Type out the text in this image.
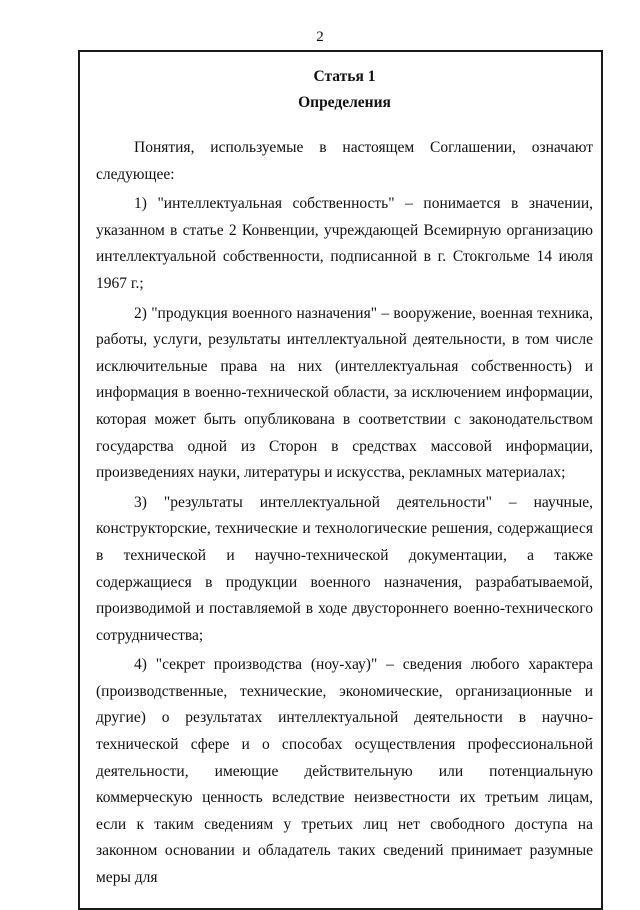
2

Статья 1

Определения

Понятия, используемые в настоящем Соглашении, означают следующее:

1) "интеллектуальная собственность" – понимается в значении, указанном в статье 2 Конвенции, учреждающей Всемирную организацию интеллектуальной собственности, подписанной в г. Стокгольме 14 июля 1967 г.;

2) "продукция военного назначения" – вооружение, военная техника, работы, услуги, результаты интеллектуальной деятельности, в том числе исключительные права на них (интеллектуальная собственность) и информация в военно-технической области, за исключением информации, которая может быть опубликована в соответствии с законодательством государства одной из Сторон в средствах массовой информации, произведениях науки, литературы и искусства, рекламных материалах;

3) "результаты интеллектуальной деятельности" – научные, конструкторские, технические и технологические решения, содержащиеся в технической и научно-технической документации, а также содержащиеся в продукции военного назначения, разрабатываемой, производимой и поставляемой в ходе двустороннего военно-технического сотрудничества;

4) "секрет производства (ноу-хау)" – сведения любого характера (производственные, технические, экономические, организационные и другие) о результатах интеллектуальной деятельности в научно-технической сфере и о способах осуществления профессиональной деятельности, имеющие действительную или потенциальную коммерческую ценность вследствие неизвестности их третьим лицам, если к таким сведениям у третьих лиц нет свободного доступа на законном основании и обладатель таких сведений принимает разумные меры для
